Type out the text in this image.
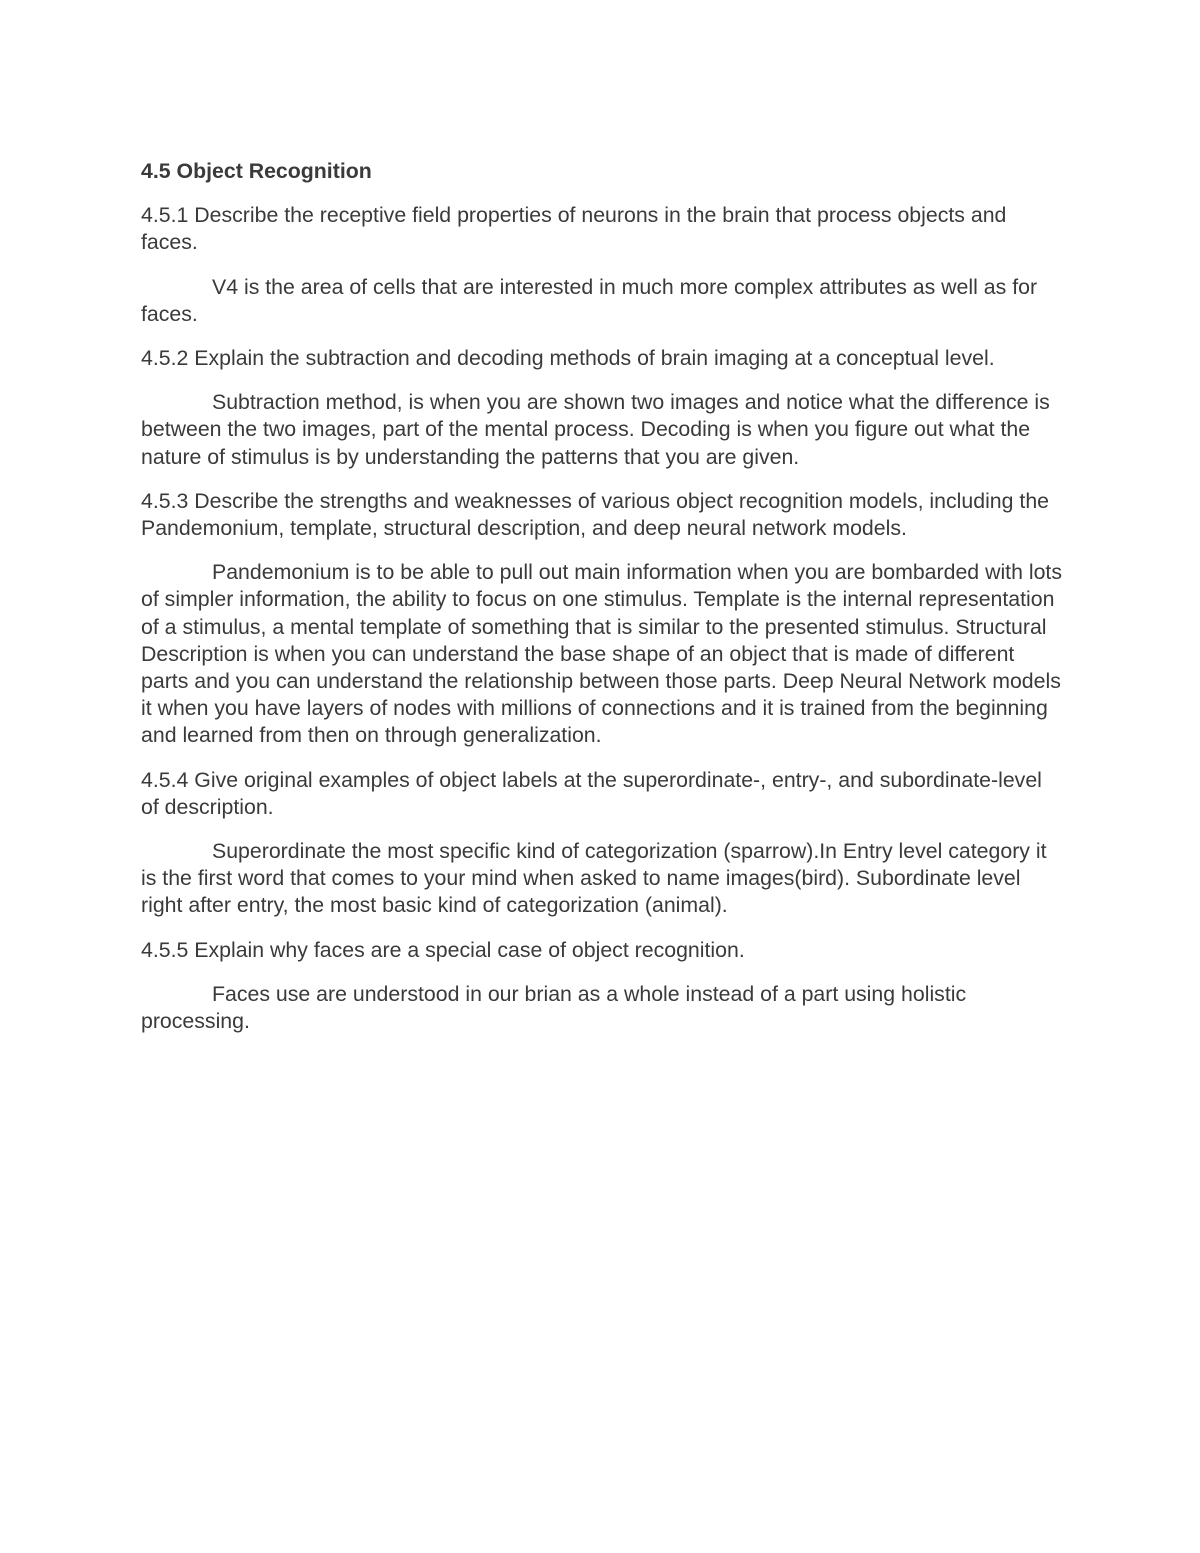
4.5 Object Recognition

4.5.1 Describe the receptive field properties of neurons in the brain that process objects and faces.

V4 is the area of cells that are interested in much more complex attributes as well as for faces.

4.5.2 Explain the subtraction and decoding methods of brain imaging at a conceptual level.

Subtraction method, is when you are shown two images and notice what the difference is between the two images, part of the mental process. Decoding is when you figure out what the nature of stimulus is by understanding the patterns that you are given.

4.5.3 Describe the strengths and weaknesses of various object recognition models, including the Pandemonium, template, structural description, and deep neural network models.

Pandemonium is to be able to pull out main information when you are bombarded with lots of simpler information, the ability to focus on one stimulus. Template is the internal representation of a stimulus, a mental template of something that is similar to the presented stimulus. Structural Description is when you can understand the base shape of an object that is made of different parts and you can understand the relationship between those parts. Deep Neural Network models it when you have layers of nodes with millions of connections and it is trained from the beginning and learned from then on through generalization.

4.5.4 Give original examples of object labels at the superordinate-, entry-, and subordinate-level of description.

Superordinate the most specific kind of categorization (sparrow).In Entry level category it is the first word that comes to your mind when asked to name images(bird). Subordinate level right after entry, the most basic kind of categorization (animal).

4.5.5 Explain why faces are a special case of object recognition.

Faces use are understood in our brian as a whole instead of a part using holistic processing.
